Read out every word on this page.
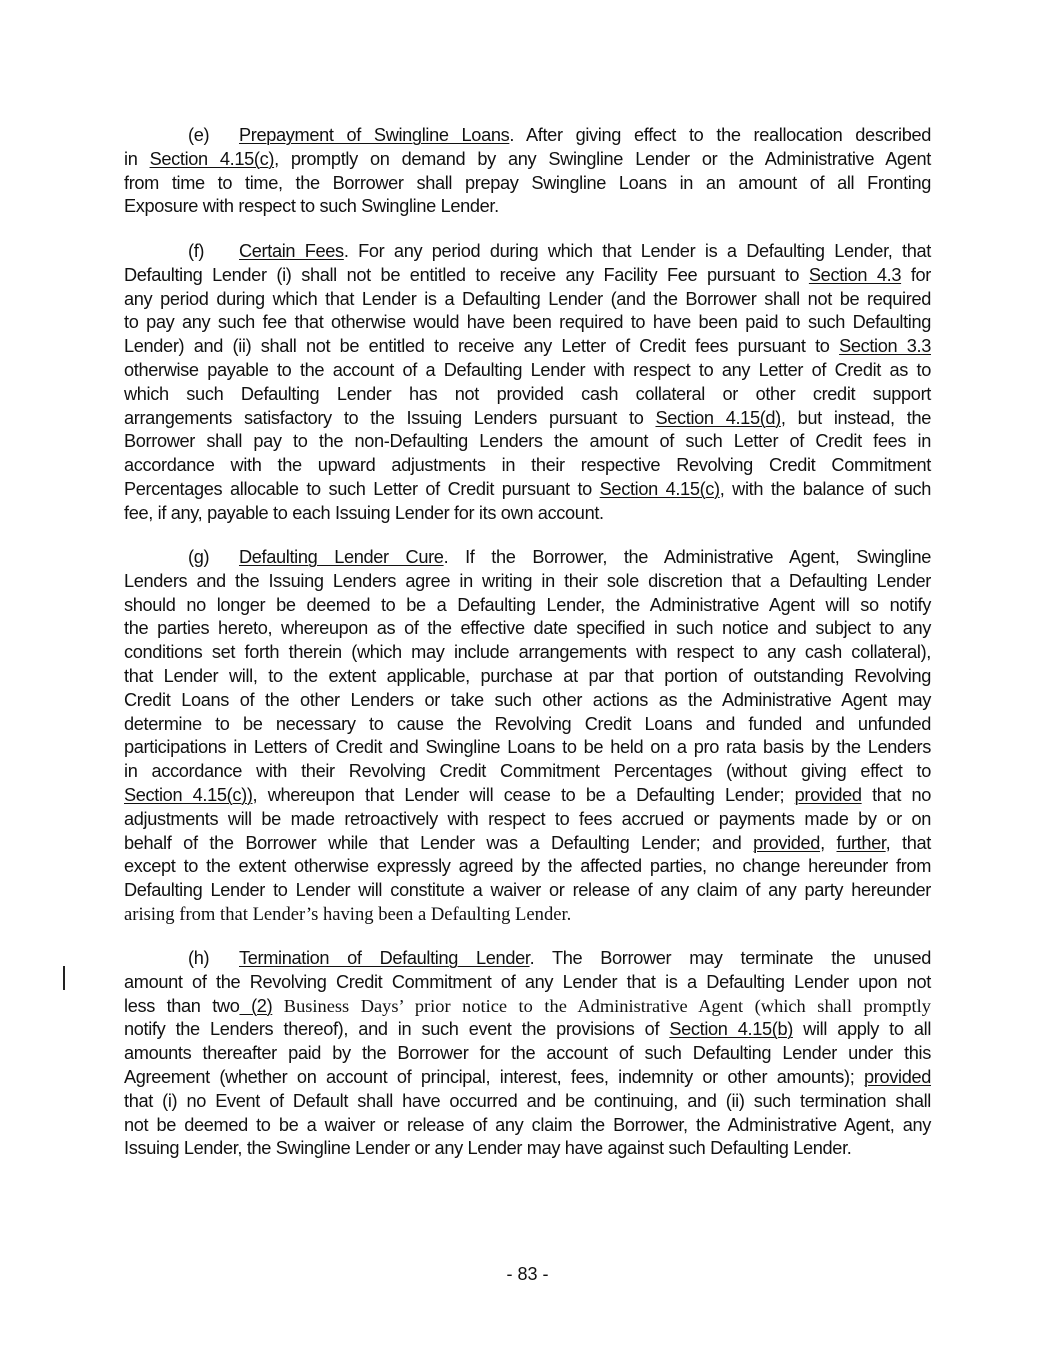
(e) Prepayment of Swingline Loans. After giving effect to the reallocation described
in Section 4.15(c), promptly on demand by any Swingline Lender or the Administrative Agent
from time to time, the Borrower shall prepay Swingline Loans in an amount of all Fronting
Exposure with respect to such Swingline Lender.
(f) Certain Fees. For any period during which that Lender is a Defaulting Lender, that
Defaulting Lender (i) shall not be entitled to receive any Facility Fee pursuant to Section 4.3 for
any period during which that Lender is a Defaulting Lender (and the Borrower shall not be required
to pay any such fee that otherwise would have been required to have been paid to such Defaulting
Lender) and (ii) shall not be entitled to receive any Letter of Credit fees pursuant to Section 3.3
otherwise payable to the account of a Defaulting Lender with respect to any Letter of Credit as to
which such Defaulting Lender has not provided cash collateral or other credit support
arrangements satisfactory to the Issuing Lenders pursuant to Section 4.15(d), but instead, the
Borrower shall pay to the non-Defaulting Lenders the amount of such Letter of Credit fees in
accordance with the upward adjustments in their respective Revolving Credit Commitment
Percentages allocable to such Letter of Credit pursuant to Section 4.15(c), with the balance of such
fee, if any, payable to each Issuing Lender for its own account.
(g) Defaulting Lender Cure. If the Borrower, the Administrative Agent, Swingline
Lenders and the Issuing Lenders agree in writing in their sole discretion that a Defaulting Lender
should no longer be deemed to be a Defaulting Lender, the Administrative Agent will so notify
the parties hereto, whereupon as of the effective date specified in such notice and subject to any
conditions set forth therein (which may include arrangements with respect to any cash collateral),
that Lender will, to the extent applicable, purchase at par that portion of outstanding Revolving
Credit Loans of the other Lenders or take such other actions as the Administrative Agent may
determine to be necessary to cause the Revolving Credit Loans and funded and unfunded
participations in Letters of Credit and Swingline Loans to be held on a pro rata basis by the Lenders
in accordance with their Revolving Credit Commitment Percentages (without giving effect to
Section 4.15(c)), whereupon that Lender will cease to be a Defaulting Lender; provided that no
adjustments will be made retroactively with respect to fees accrued or payments made by or on
behalf of the Borrower while that Lender was a Defaulting Lender; and provided, further, that
except to the extent otherwise expressly agreed by the affected parties, no change hereunder from
Defaulting Lender to Lender will constitute a waiver or release of any claim of any party hereunder
arising from that Lender’s having been a Defaulting Lender.
(h) Termination of Defaulting Lender. The Borrower may terminate the unused
amount of the Revolving Credit Commitment of any Lender that is a Defaulting Lender upon not
less than two (2) Business Days’ prior notice to the Administrative Agent (which shall promptly
notify the Lenders thereof), and in such event the provisions of Section 4.15(b) will apply to all
amounts thereafter paid by the Borrower for the account of such Defaulting Lender under this
Agreement (whether on account of principal, interest, fees, indemnity or other amounts); provided
that (i) no Event of Default shall have occurred and be continuing, and (ii) such termination shall
not be deemed to be a waiver or release of any claim the Borrower, the Administrative Agent, any
Issuing Lender, the Swingline Lender or any Lender may have against such Defaulting Lender.
- 83 -
